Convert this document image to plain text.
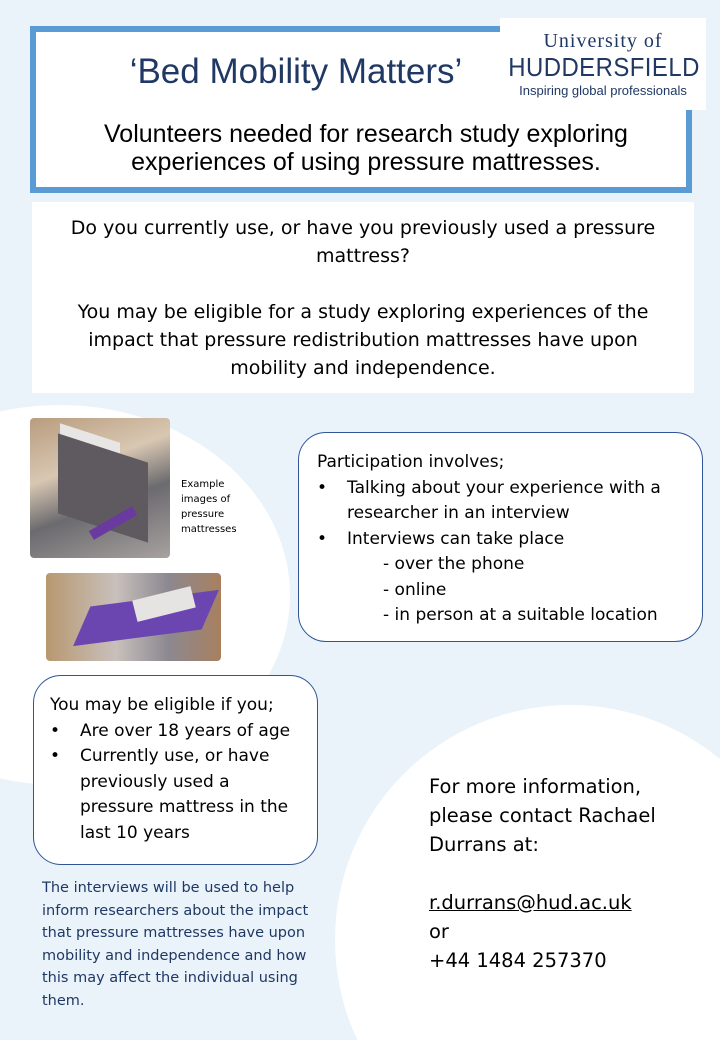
‘Bed Mobility Matters’
Volunteers needed for research study exploring
experiences of using pressure mattresses.
University of
HUDDERSFIELD
Inspiring global professionals

Do you currently use, or have you previously used a pressure mattress?

You may be eligible for a study exploring experiences of the impact that pressure redistribution mattresses have upon mobility and independence.

Example images of pressure mattresses
Participation involves;
•	Talking about your experience with a researcher in an interview
•	Interviews can take place
- over the phone
- online
- in person at a suitable location
You may be eligible if you;
•	Are over 18 years of age
•	Currently use, or have previously used a pressure mattress in the last 10 years
The interviews will be used to help inform researchers about the impact that pressure mattresses have upon mobility and independence and how this may affect the individual using them.
For more information, please contact Rachael Durrans at:
r.durrans@hud.ac.uk
or
+44 1484 257370
